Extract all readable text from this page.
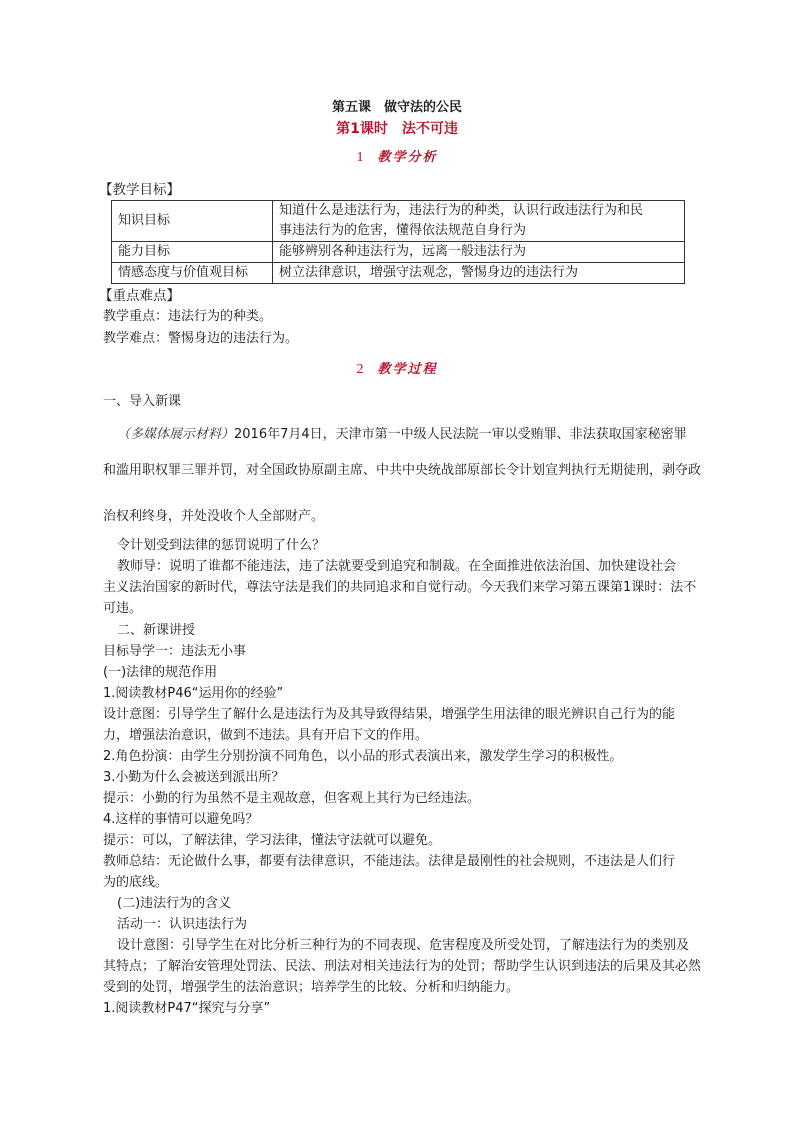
第五课　做守法的公民
第1课时　法不可违
1 教学分析
【教学目标】
知识目标	知道什么是违法行为，违法行为的种类，认识行政违法行为和民
事违法行为的危害，懂得依法规范自身行为

能力目标	能够辨别各种违法行为，远离一般违法行为
情感态度与价值观目标	树立法律意识，增强守法观念，警惕身边的违法行为
【重点难点】
教学重点：违法行为的种类。
教学难点：警惕身边的违法行为。
2 教学过程
一、导入新课
（多媒体展示材料）2016年7月4日，天津市第一中级人民法院一审以受贿罪、非法获取国家秘密罪
和滥用职权罪三罪并罚，对全国政协原副主席、中共中央统战部原部长令计划宣判执行无期徒刑，剥夺政
治权利终身，并处没收个人全部财产。
令计划受到法律的惩罚说明了什么？
教师导：说明了谁都不能违法，违了法就要受到追究和制裁。在全面推进依法治国、加快建设社会
主义法治国家的新时代，尊法守法是我们的共同追求和自觉行动。今天我们来学习第五课第1课时：法不
可违。
二、新课讲授
目标导学一：违法无小事
(一)法律的规范作用
1.阅读教材P46“运用你的经验”
设计意图：引导学生了解什么是违法行为及其导致得结果，增强学生用法律的眼光辨识自己行为的能
力，增强法治意识，做到不违法。具有开启下文的作用。
2.角色扮演：由学生分别扮演不同角色，以小品的形式表演出来，激发学生学习的积极性。
3.小勤为什么会被送到派出所？
提示：小勤的行为虽然不是主观故意，但客观上其行为已经违法。
4.这样的事情可以避免吗？
提示：可以，了解法律，学习法律，懂法守法就可以避免。
教师总结：无论做什么事，都要有法律意识，不能违法。法律是最刚性的社会规则，不违法是人们行
为的底线。
(二)违法行为的含义
活动一：认识违法行为
设计意图：引导学生在对比分析三种行为的不同表现、危害程度及所受处罚，了解违法行为的类别及
其特点；了解治安管理处罚法、民法、刑法对相关违法行为的处罚；帮助学生认识到违法的后果及其必然
受到的处罚，增强学生的法治意识；培养学生的比较、分析和归纳能力。
1.阅读教材P47“探究与分享”
